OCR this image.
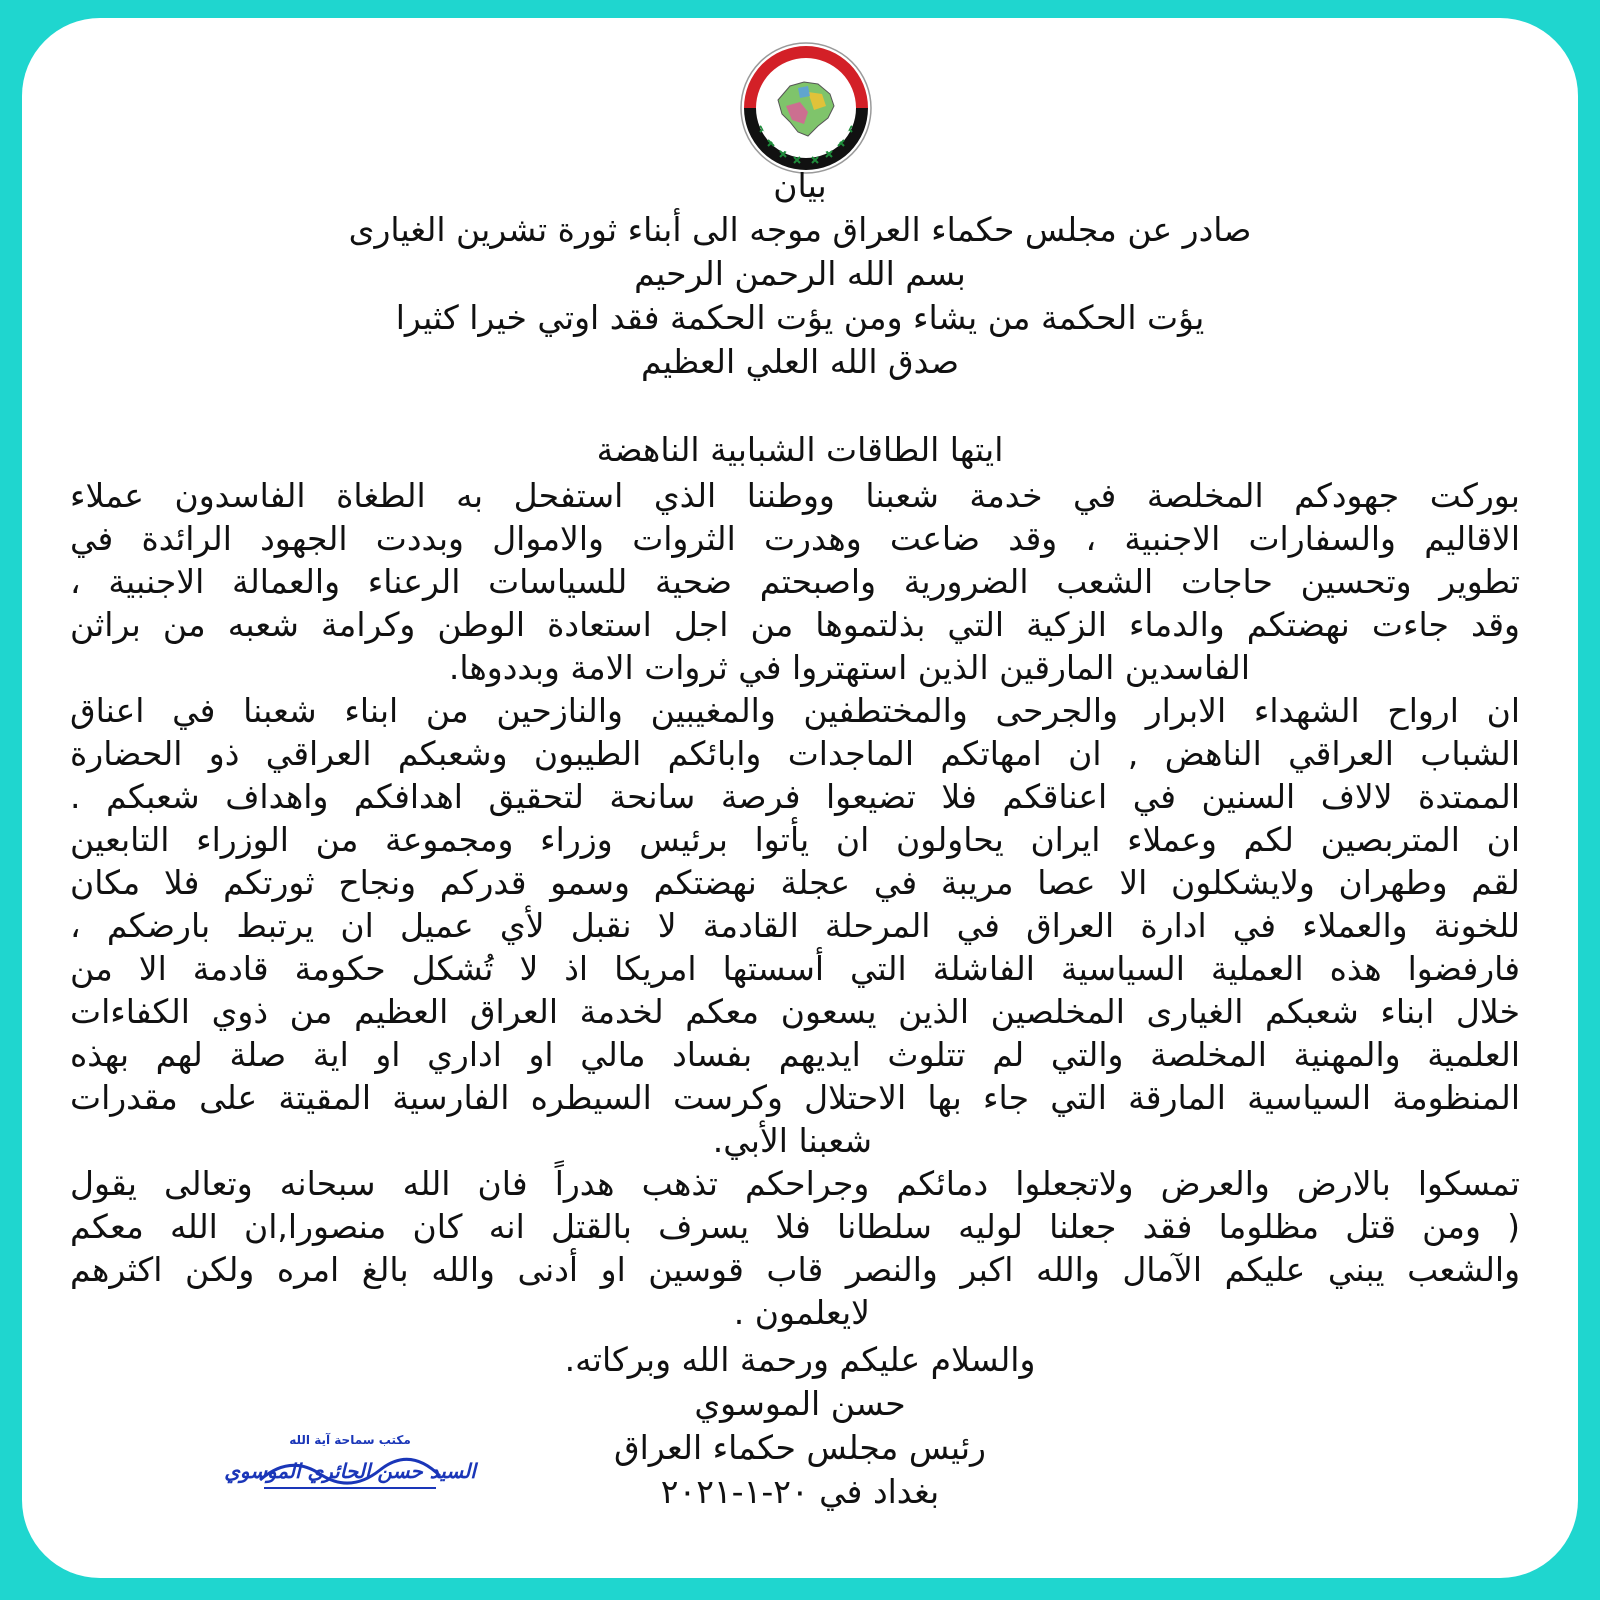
بيان

صادر عن مجلس حكماء العراق موجه الى أبناء ثورة تشرين الغيارى

بسم الله الرحمن الرحيم

يؤت الحكمة من يشاء ومن يؤت الحكمة فقد اوتي خيرا كثيرا

صدق الله العلي العظيم

ايتها الطاقات الشبابية الناهضة

بوركت جهودكم المخلصة في خدمة شعبنا ووطننا الذي استفحل به الطغاة الفاسدون عملاء

الاقاليم والسفارات الاجنبية ، وقد ضاعت وهدرت الثروات والاموال وبددت الجهود الرائدة في

تطوير وتحسين حاجات الشعب الضرورية واصبحتم ضحية للسياسات الرعناء والعمالة الاجنبية ،

وقد جاءت نهضتكم والدماء الزكية التي بذلتموها من اجل استعادة الوطن وكرامة شعبه من براثن

الفاسدين المارقين الذين استهتروا في ثروات الامة وبددوها.

ان ارواح الشهداء الابرار والجرحى والمختطفين والمغيبين والنازحين من ابناء شعبنا في اعناق

الشباب العراقي الناهض , ان امهاتكم الماجدات وابائكم الطيبون وشعبكم العراقي ذو الحضارة

الممتدة لالاف السنين في اعناقكم فلا تضيعوا فرصة سانحة لتحقيق اهدافكم واهداف شعبكم .

ان المتربصين لكم وعملاء ايران يحاولون ان يأتوا برئيس وزراء ومجموعة من الوزراء التابعين

لقم وطهران ولايشكلون الا عصا مريبة في عجلة نهضتكم وسمو قدركم ونجاح ثورتكم فلا مكان

للخونة والعملاء في ادارة العراق في المرحلة القادمة لا نقبل لأي عميل ان يرتبط بارضكم ،

فارفضوا هذه العملية السياسية الفاشلة التي أسستها امريكا اذ لا تُشكل حكومة قادمة الا من

خلال ابناء شعبكم الغيارى المخلصين الذين يسعون معكم لخدمة العراق العظيم من ذوي الكفاءات

العلمية والمهنية المخلصة والتي لم تتلوث ايديهم بفساد مالي او اداري او اية صلة لهم بهذه

المنظومة السياسية المارقة التي جاء بها الاحتلال وكرست السيطره الفارسية المقيتة على مقدرات

شعبنا الأبي.

تمسكوا بالارض والعرض ولاتجعلوا دمائكم وجراحكم تذهب هدراً فان الله سبحانه وتعالى يقول

( ومن قتل مظلوما فقد جعلنا لوليه سلطانا فلا يسرف بالقتل انه كان منصورا,ان الله معكم

والشعب يبني عليكم الآمال والله اكبر والنصر قاب قوسين او أدنى والله بالغ امره ولكن اكثرهم

لايعلمون .

والسلام عليكم ورحمة الله وبركاته.

حسن الموسوي

رئيس مجلس حكماء العراق

بغداد في ٢٠-١-٢٠٢١

مكتب سماحة آية الله
السيد حسن الحائري الموسوي
